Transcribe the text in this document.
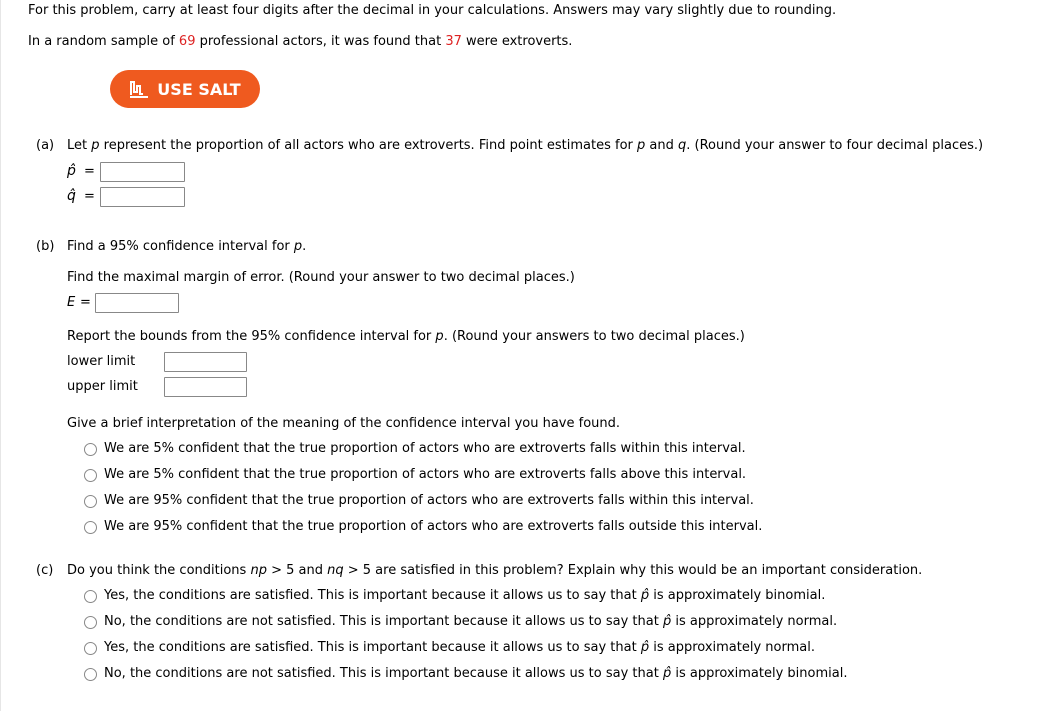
For this problem, carry at least four digits after the decimal in your calculations. Answers may vary slightly due to rounding.
In a random sample of 69 professional actors, it was found that 37 were extroverts.
USE SALT
(a) Let p represent the proportion of all actors who are extroverts. Find point estimates for p and q. (Round your answer to four decimal places.)
p̂ =
q̂ =
(b) Find a 95% confidence interval for p.
Find the maximal margin of error. (Round your answer to two decimal places.)
E =
Report the bounds from the 95% confidence interval for p. (Round your answers to two decimal places.)
lower limit
upper limit
Give a brief interpretation of the meaning of the confidence interval you have found.
We are 5% confident that the true proportion of actors who are extroverts falls within this interval.
We are 5% confident that the true proportion of actors who are extroverts falls above this interval.
We are 95% confident that the true proportion of actors who are extroverts falls within this interval.
We are 95% confident that the true proportion of actors who are extroverts falls outside this interval.
(c) Do you think the conditions np > 5 and nq > 5 are satisfied in this problem? Explain why this would be an important consideration.
Yes, the conditions are satisfied. This is important because it allows us to say that p̂ is approximately binomial.
No, the conditions are not satisfied. This is important because it allows us to say that p̂ is approximately normal.
Yes, the conditions are satisfied. This is important because it allows us to say that p̂ is approximately normal.
No, the conditions are not satisfied. This is important because it allows us to say that p̂ is approximately binomial.
